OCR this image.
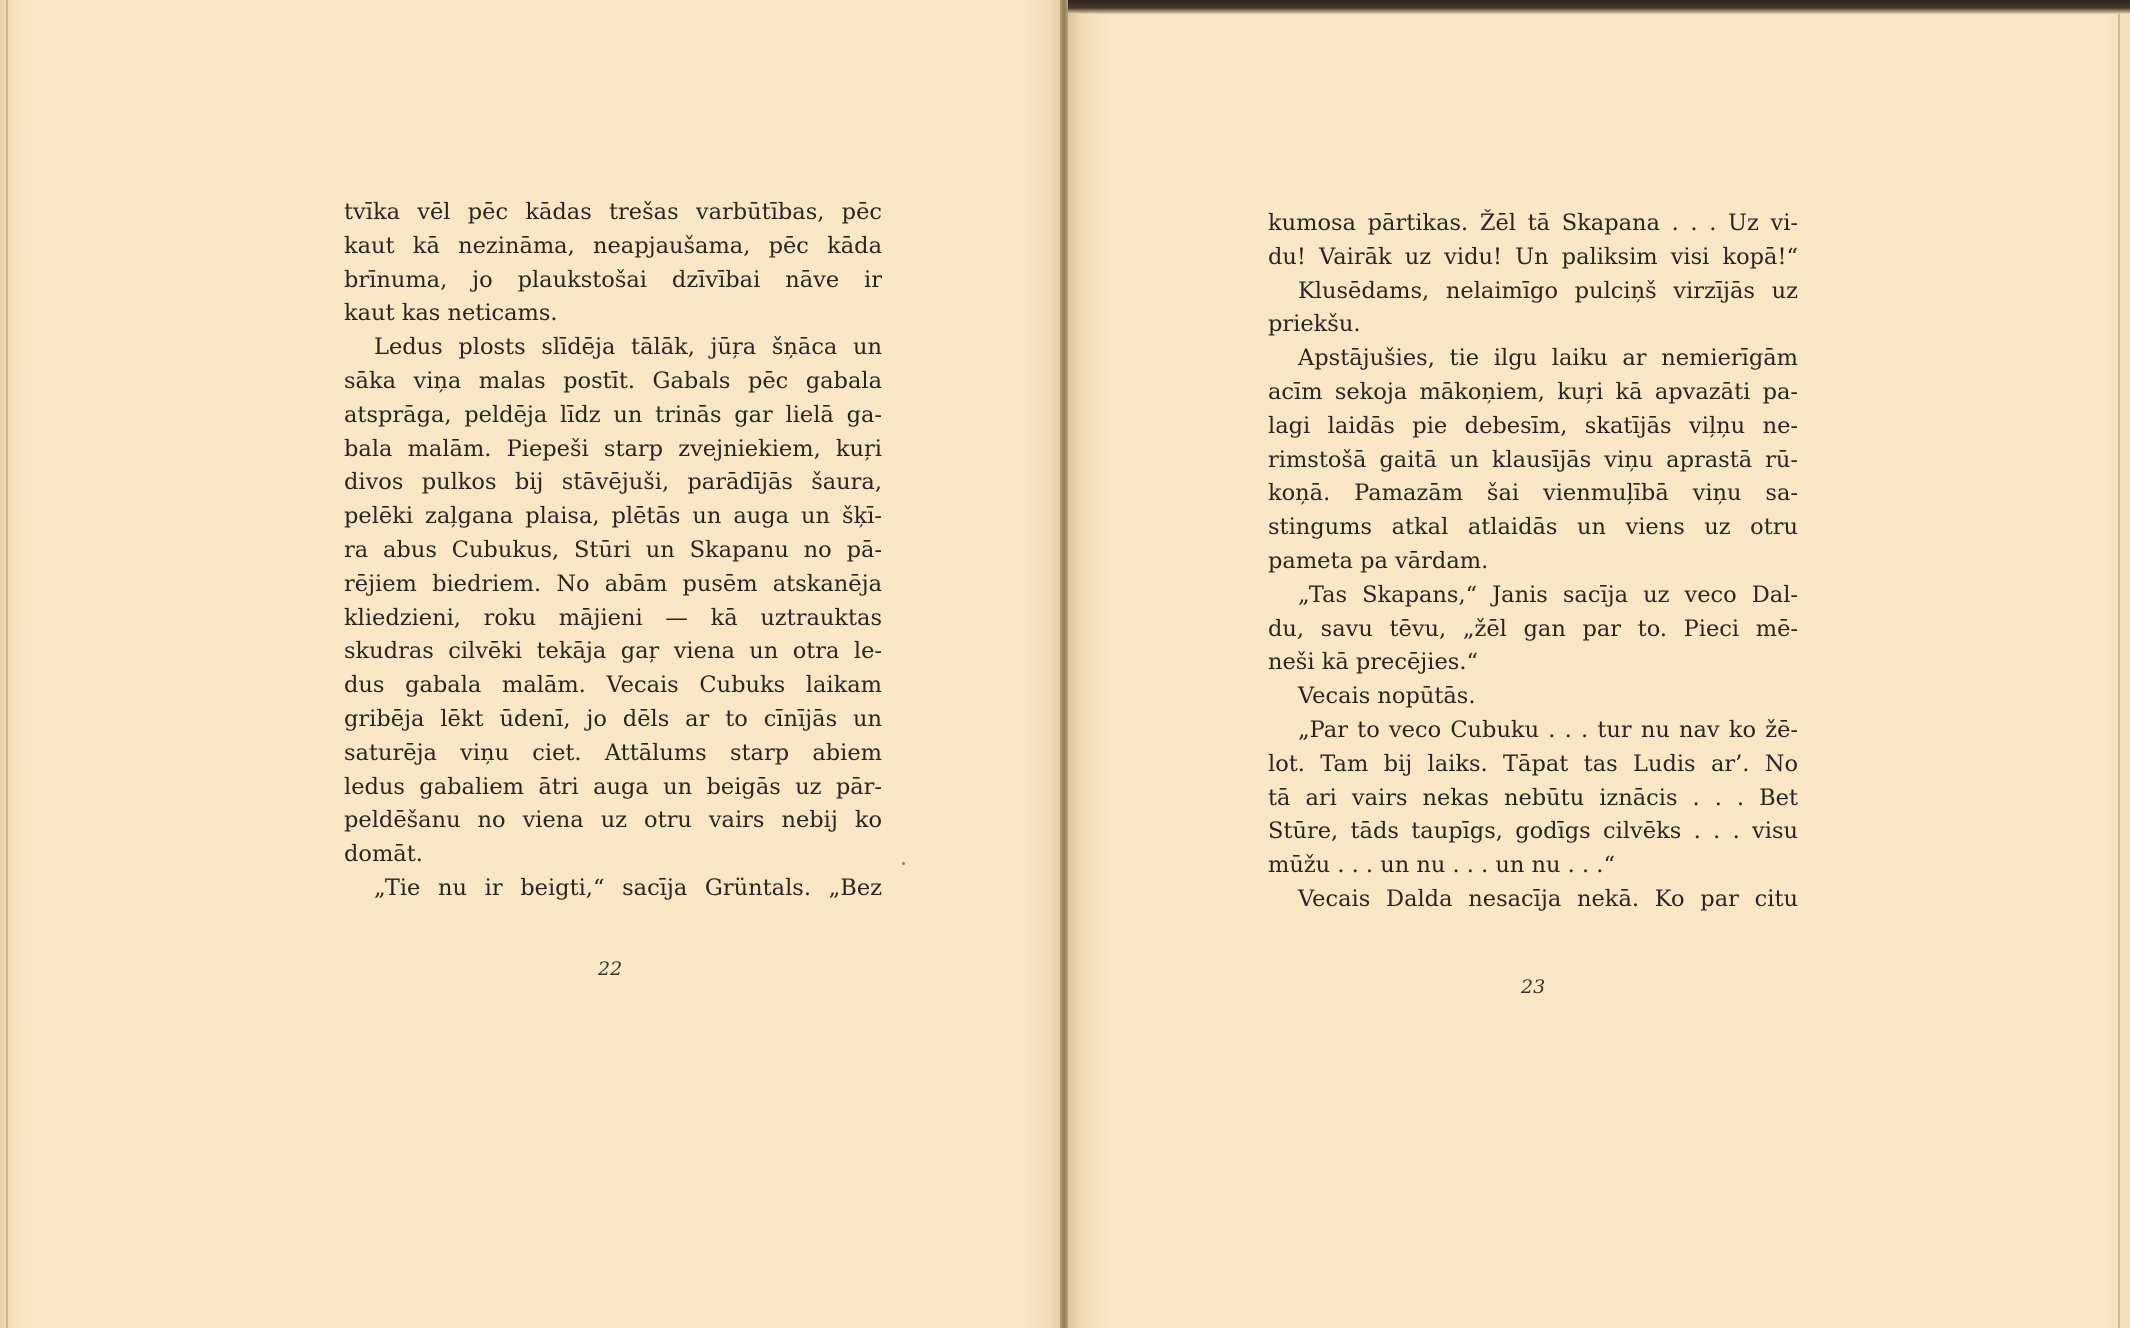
tvīka vēl pēc kādas trešas varbūtības, pēc
kaut kā nezināma, neapjaušama, pēc kāda
brīnuma, jo plaukstošai dzīvībai nāve ir
kaut kas neticams.
Ledus plosts slīdēja tālāk, jūŗa šņāca un
sāka viņa malas postīt. Gabals pēc gabala
atsprāga, peldēja līdz un trinās gar lielā ga-
bala malām. Piepeši starp zvejniekiem, kuŗi
divos pulkos bij stāvējuši, parādījās šaura,
pelēki zaļgana plaisa, plētās un auga un šķī-
ra abus Cubukus, Stūri un Skapanu no pā-
rējiem biedriem. No abām pusēm atskanēja
kliedzieni, roku mājieni — kā uztrauktas
skudras cilvēki tekāja gaŗ viena un otra le-
dus gabala malām. Vecais Cubuks laikam
gribēja lēkt ūdenī, jo dēls ar to cīnījās un
saturēja viņu ciet. Attālums starp abiem
ledus gabaliem ātri auga un beigās uz pār-
peldēšanu no viena uz otru vairs nebij ko
domāt.
„Tie nu ir beigti,“ sacīja Grüntals. „Bez
22
kumosa pārtikas. Žēl tā Skapana . . . Uz vi-
du! Vairāk uz vidu! Un paliksim visi kopā!“
Klusēdams, nelaimīgo pulciņš virzījās uz
priekšu.
Apstājušies, tie ilgu laiku ar nemierīgām
acīm sekoja mākoņiem, kuŗi kā apvazāti pa-
lagi laidās pie debesīm, skatījās viļņu ne-
rimstošā gaitā un klausījās viņu aprastā rū-
koņā. Pamazām šai vienmuļībā viņu sa-
stingums atkal atlaidās un viens uz otru
pameta pa vārdam.
„Tas Skapans,“ Janis sacīja uz veco Dal-
du, savu tēvu, „žēl gan par to. Pieci mē-
neši kā precējies.“
Vecais nopūtās.
„Par to veco Cubuku . . . tur nu nav ko žē-
lot. Tam bij laiks. Tāpat tas Ludis ar’. No
tā ari vairs nekas nebūtu iznācis . . . Bet
Stūre, tāds taupīgs, godīgs cilvēks . . . visu
mūžu . . . un nu . . . un nu . . .“
Vecais Dalda nesacīja nekā. Ko par citu
23
